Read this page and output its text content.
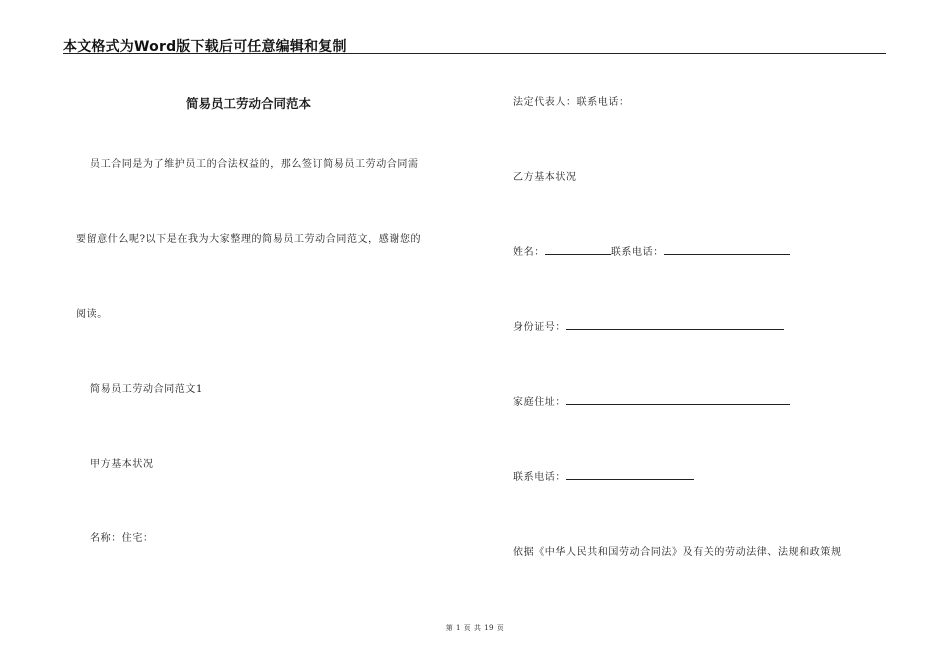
本文格式为Word版下载后可任意编辑和复制
简易员工劳动合同范本
员工合同是为了维护员工的合法权益的，那么签订简易员工劳动合同需
要留意什么呢?以下是在我为大家整理的简易员工劳动合同范文，感谢您的
阅读。
简易员工劳动合同范文1
甲方基本状况
名称：住宅：
法定代表人：联系电话：
乙方基本状况
姓名：	联系电话：
身份证号：
家庭住址：
联系电话：
依据《中华人民共和国劳动合同法》及有关的劳动法律、法规和政策规
第 1 页 共 19 页
